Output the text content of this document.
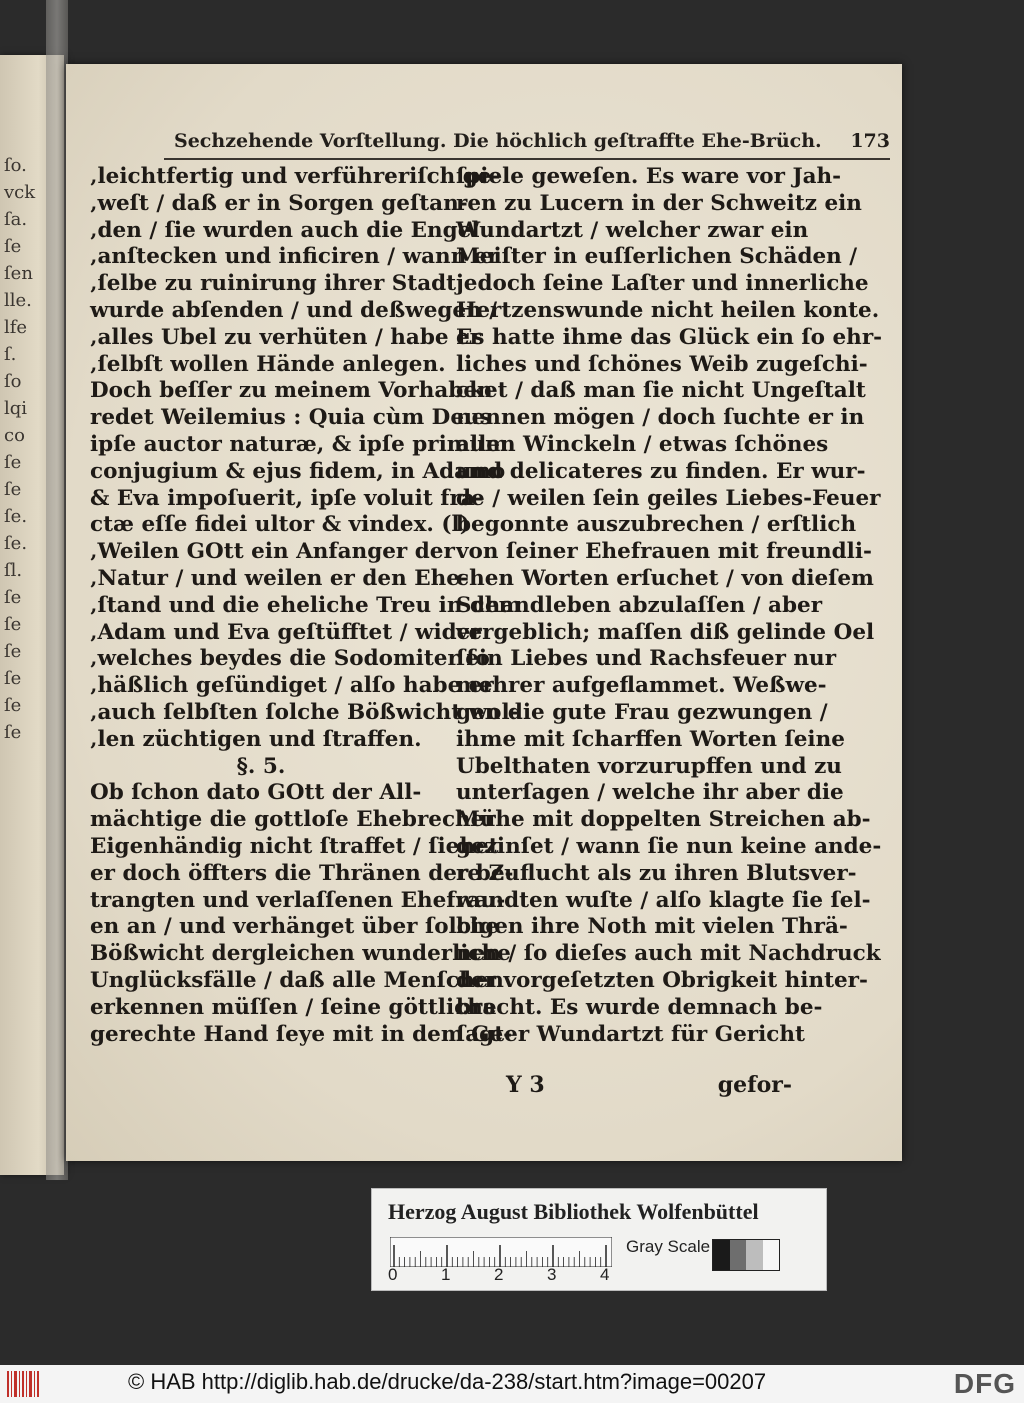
ſo.
vck
ſa.
ſe
ſen
lle.
lfe
ſ.
ſo
lqi
co
ſe
ſe
ſe.
ſe.
ſl.
ſe
ſe
ſe
ſe
ſe
ſe
Sechzehende Vorſtellung. Die höchlich geſtraffte Ehe-Brüch. 173
‚leichtfertig und verführeriſch ge-
‚weſt / daß er in Sorgen geſtan-
‚den / ſie wurden auch die Engel
‚anſtecken und inficiren / wann er
‚ſelbe zu ruinirung ihrer Stadt
wurde abſenden / und deßwegen /
‚alles Ubel zu verhüten / habe er
‚ſelbſt wollen Hände anlegen.
Doch beſſer zu meinem Vorhaben
redet Weilemius : Quia cùm Deus
ipſe auctor naturæ, & ipſe primum
conjugium & ejus fidem, in Adamo
& Eva impoſuerit, ipſe voluit fra-
ctæ eſſe fidei ultor & vindex. (l)
‚Weilen GOtt ein Anfanger der
‚Natur / und weilen er den Ehe-
‚ſtand und die eheliche Treu in dem
‚Adam und Eva geſtüfftet / wider
‚welches beydes die Sodomiter ſo
‚häßlich geſündiget / alſo habe er
‚auch ſelbſten ſolche Bößwicht wol-
‚len züchtigen und ſtraffen.
§. 5.
Ob ſchon dato GOtt der All-
mächtige die gottloſe Ehebrecher
Eigenhändig nicht ſtraffet / ſiehet
er doch öffters die Thränen der be-
trangten und verlaſſenen Ehefrau-
en an / und verhänget über ſolche
Bößwicht dergleichen wunderliche
Unglücksfälle / daß alle Menſchen
erkennen müſſen / ſeine göttliche
gerechte Hand ſeye mit in dem Ge-
ſpiele geweſen. Es ware vor Jah-
ren zu Lucern in der Schweitz ein
Wundartzt / welcher zwar ein
Meiſter in euſſerlichen Schäden /
jedoch ſeine Laſter und innerliche
Hertzenswunde nicht heilen konte.
Es hatte ihme das Glück ein ſo ehr-
liches und ſchönes Weib zugeſchi-
cket / daß man ſie nicht Ungeſtalt
nennen mögen / doch ſuchte er in
allen Winckeln / etwas ſchönes
und delicateres zu finden. Er wur-
de / weilen ſein geiles Liebes-Feuer
begonnte auszubrechen / erſtlich
von ſeiner Ehefrauen mit freundli-
chen Worten erſuchet / von dieſem
Schandleben abzulaſſen / aber
vergeblich; maſſen diß gelinde Oel
ſein Liebes und Rachsfeuer nur
mehrer aufgeflammet. Weßwe-
gen die gute Frau gezwungen /
ihme mit ſcharffen Worten ſeine
Ubelthaten vorzurupffen und zu
unterſagen / welche ihr aber die
Mühe mit doppelten Streichen ab-
gezinſet / wann ſie nun keine ande-
re Zuflucht als zu ihren Blutsver-
wandten wuſte / alſo klagte ſie ſel-
bigen ihre Noth mit vielen Thrä-
nen / ſo dieſes auch mit Nachdruck
der vorgeſetzten Obrigkeit hinter-
bracht. Es wurde demnach be-
ſagter Wundartzt für Gericht
Y 3	gefor-
Herzog August Bibliothek Wolfenbüttel
0	1	2	3	4
Gray Scale
© HAB http://diglib.hab.de/drucke/da-238/start.htm?image=00207	DFG
